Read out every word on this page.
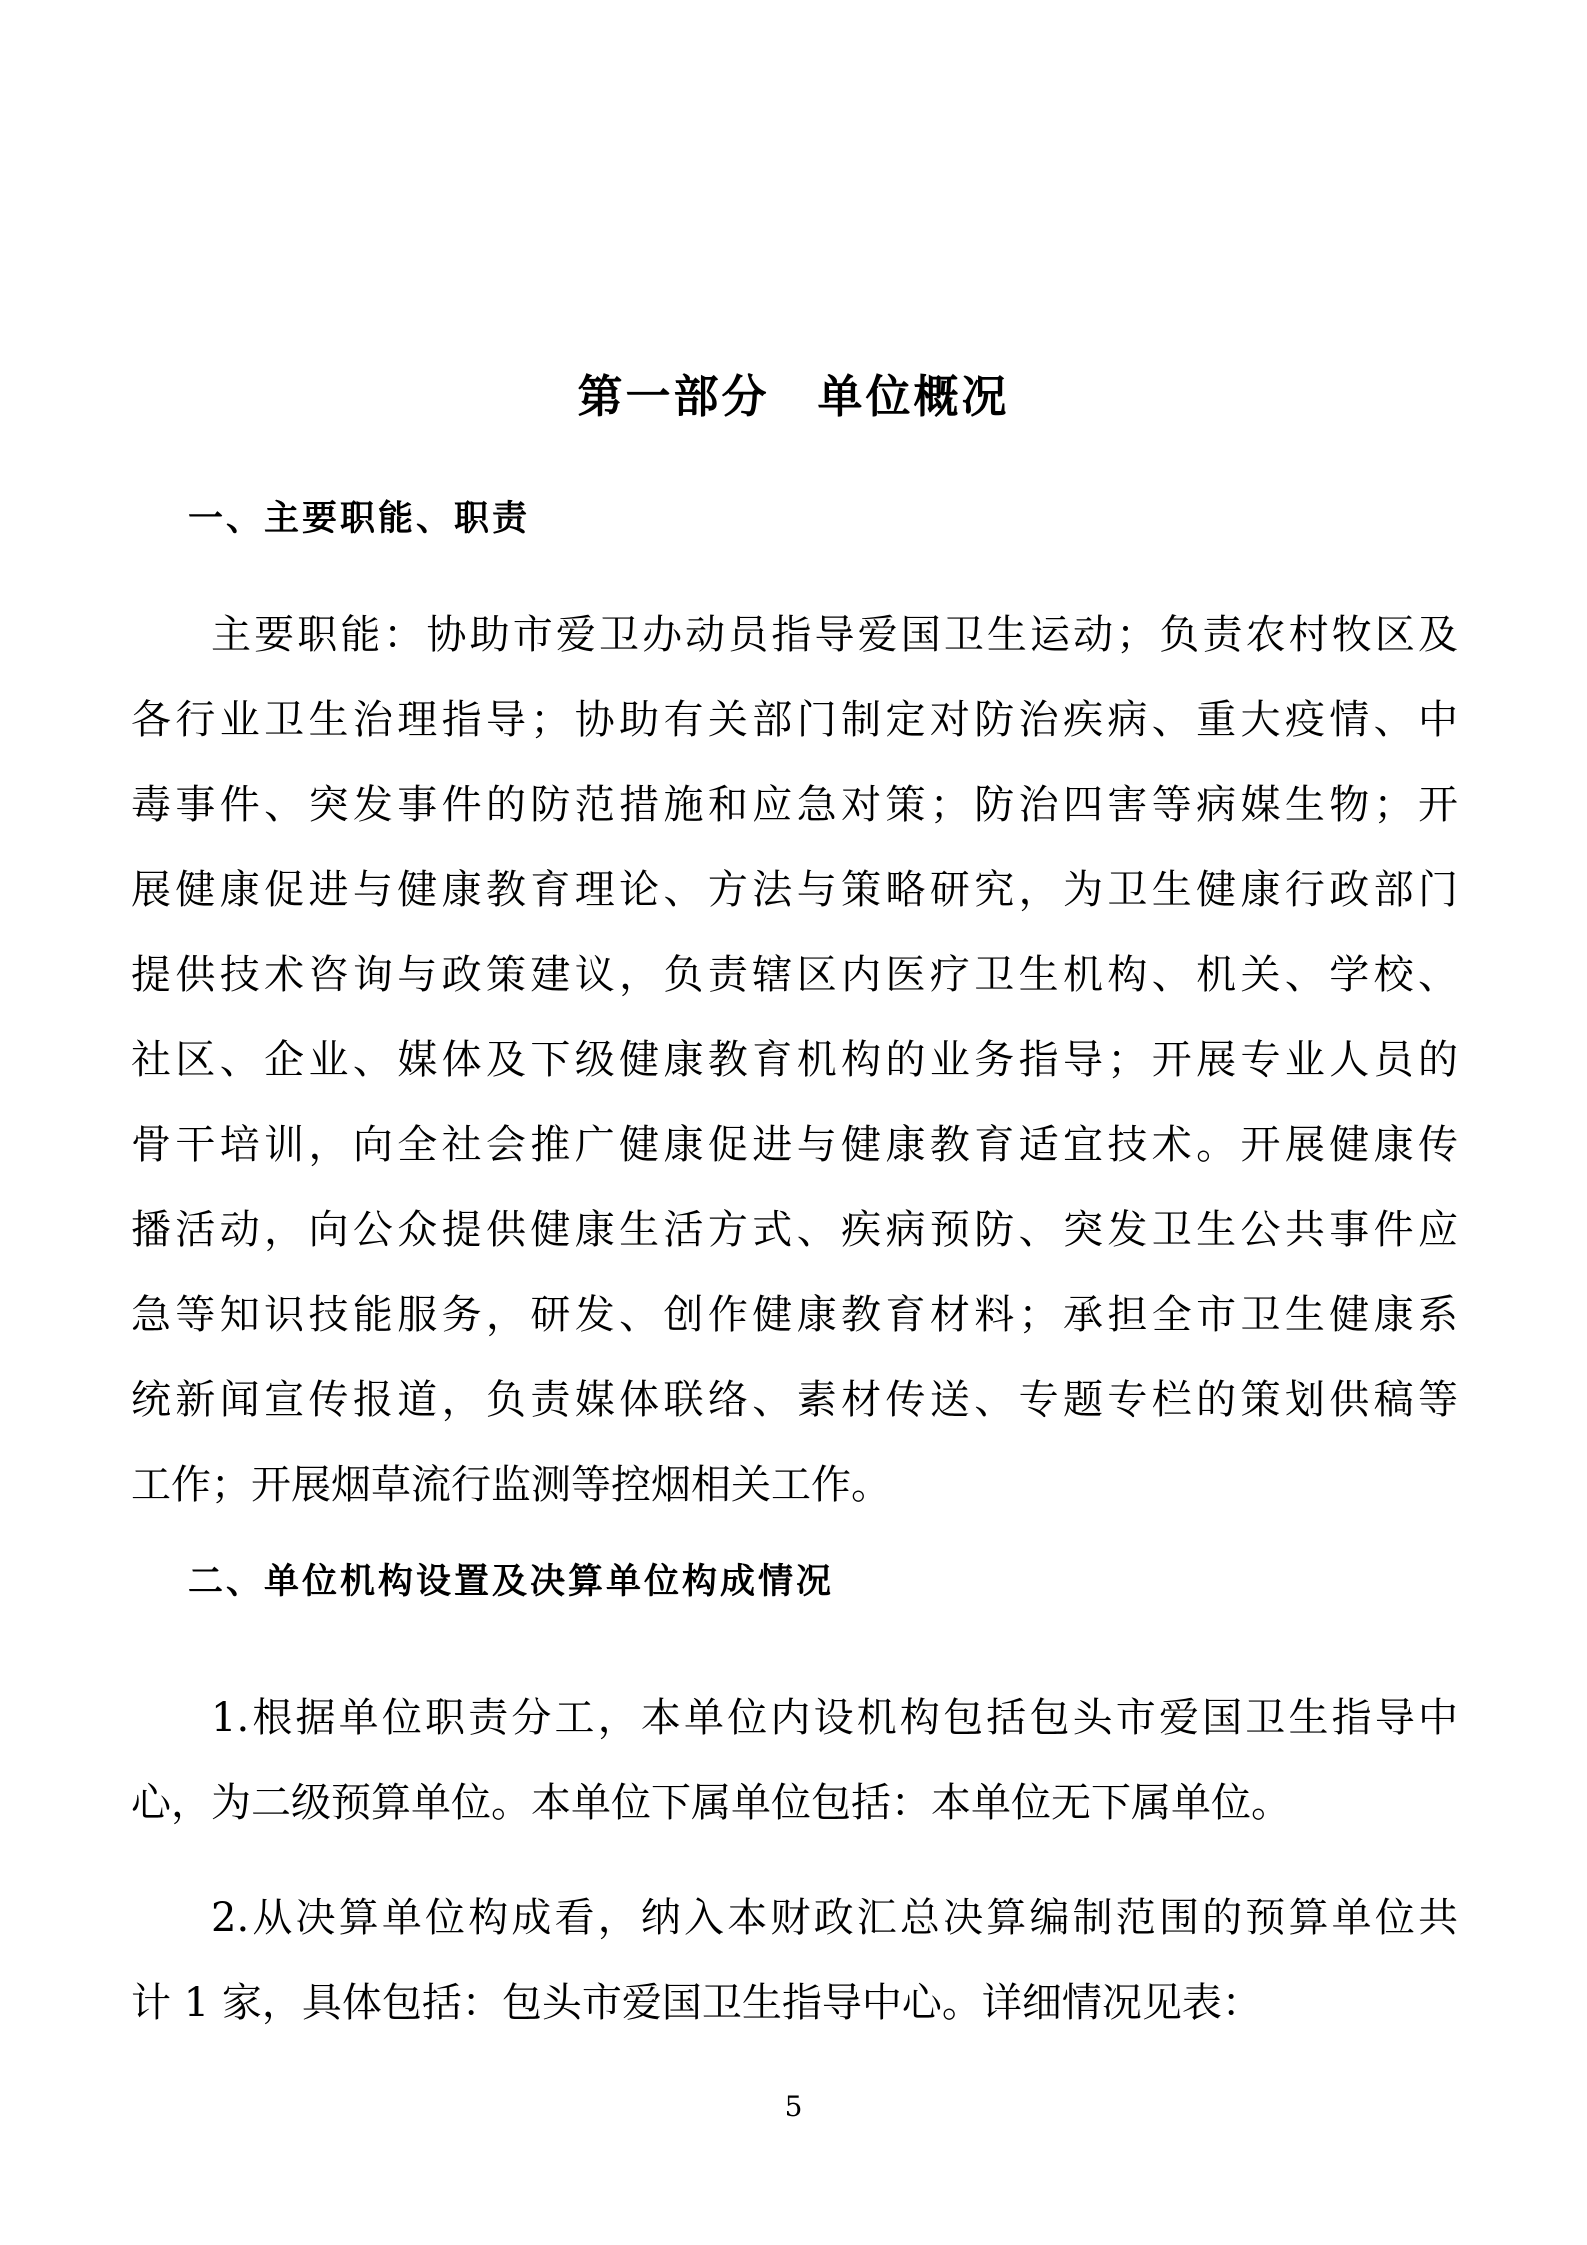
第一部分　单位概况
一、主要职能、职责
主要职能：协助市爱卫办动员指导爱国卫生运动；负责农村牧区及
各行业卫生治理指导；协助有关部门制定对防治疾病、重大疫情、中
毒事件、突发事件的防范措施和应急对策；防治四害等病媒生物；开
展健康促进与健康教育理论、方法与策略研究，为卫生健康行政部门
提供技术咨询与政策建议，负责辖区内医疗卫生机构、机关、学校、
社区、企业、媒体及下级健康教育机构的业务指导；开展专业人员的
骨干培训，向全社会推广健康促进与健康教育适宜技术。开展健康传
播活动，向公众提供健康生活方式、疾病预防、突发卫生公共事件应
急等知识技能服务，研发、创作健康教育材料；承担全市卫生健康系
统新闻宣传报道，负责媒体联络、素材传送、专题专栏的策划供稿等
工作；开展烟草流行监测等控烟相关工作。
二、单位机构设置及决算单位构成情况
1.根据单位职责分工，本单位内设机构包括包头市爱国卫生指导中
心，为二级预算单位。本单位下属单位包括：本单位无下属单位。
2.从决算单位构成看，纳入本财政汇总决算编制范围的预算单位共
计 1 家，具体包括：包头市爱国卫生指导中心。详细情况见表：
5
